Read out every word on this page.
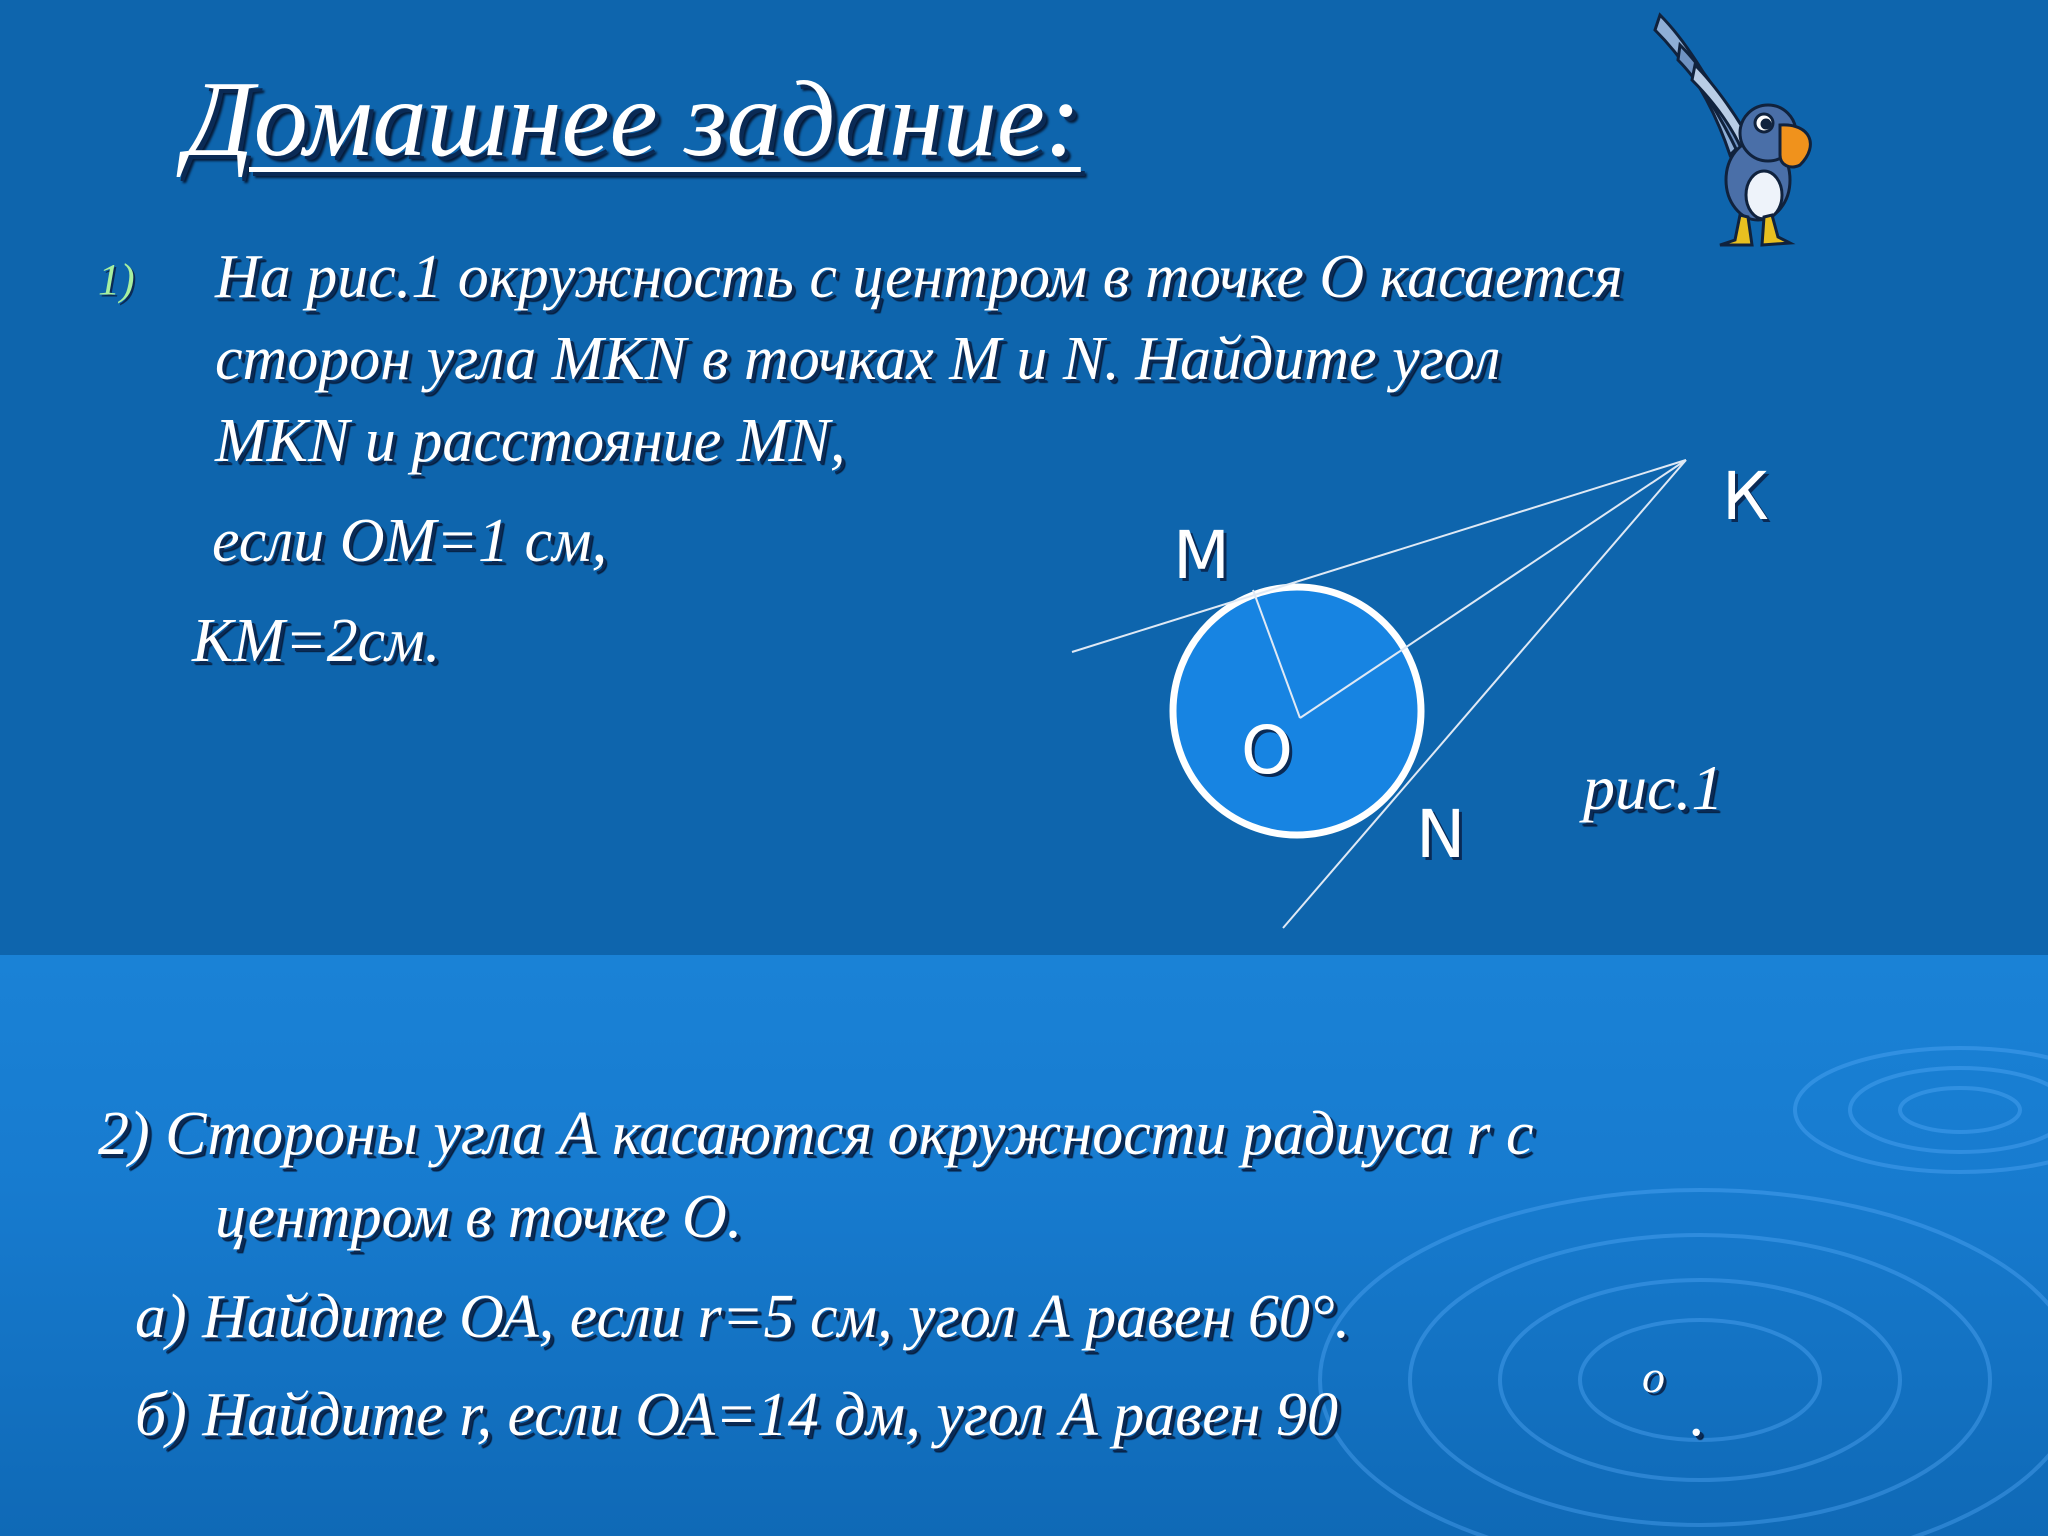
Домашнее задание:
1) На рис.1 окружность с центром в точке О касается
сторон угла MKN в точках M и N. Найдите угол
MKN и расстояние MN,
если ОМ=1 см,
КМ=2см.
К
M
O
N
рис.1
2) Стороны угла А касаются окружности радиуса r с
центром в точке О.
а) Найдите ОА, если r=5 см, угол А равен 60°.
б) Найдите r, если ОА=14 дм, угол А равен 90
о
.
